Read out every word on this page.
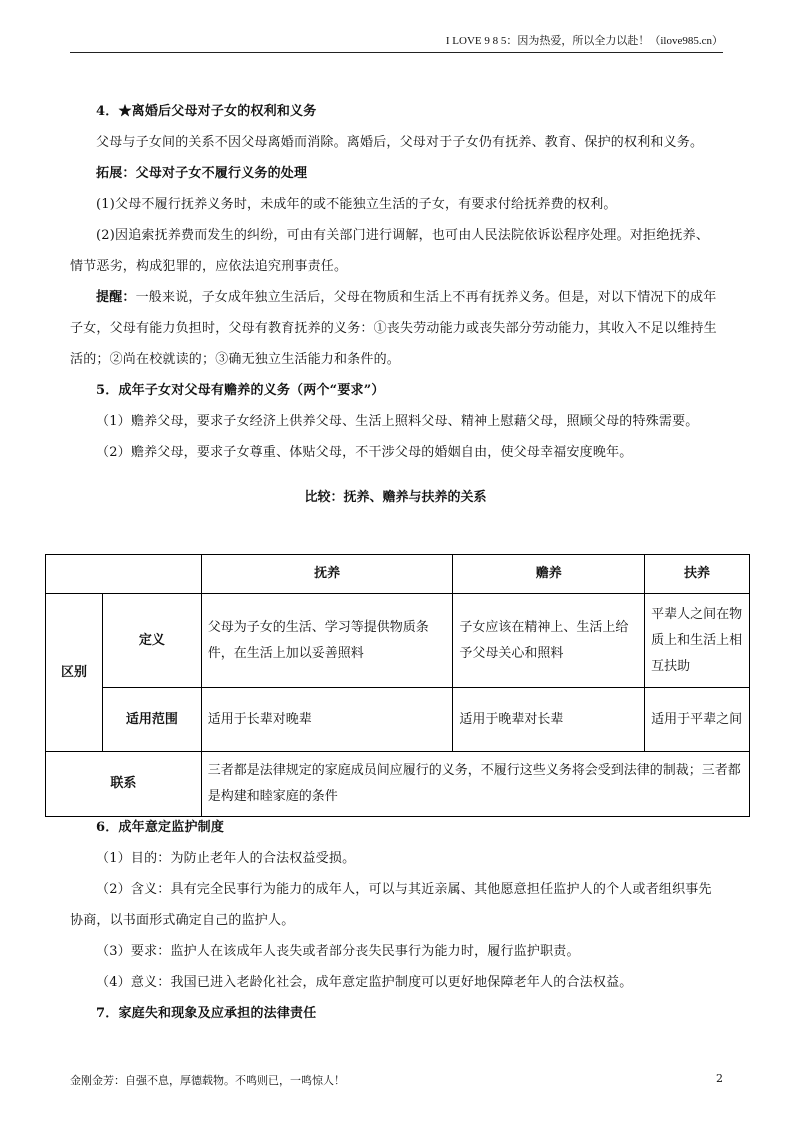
I LOVE 9 8 5：因为热爱，所以全力以赴！（ilove985.cn）

4．★离婚后父母对子女的权利和义务

父母与子女间的关系不因父母离婚而消除。离婚后，父母对于子女仍有抚养、教育、保护的权利和义务。

拓展：父母对子女不履行义务的处理

(1)父母不履行抚养义务时，未成年的或不能独立生活的子女，有要求付给抚养费的权利。

(2)因追索抚养费而发生的纠纷，可由有关部门进行调解，也可由人民法院依诉讼程序处理。对拒绝抚养、情节恶劣，构成犯罪的，应依法追究刑事责任。

提醒：一般来说，子女成年独立生活后，父母在物质和生活上不再有抚养义务。但是，对以下情况下的成年子女，父母有能力负担时，父母有教育抚养的义务：①丧失劳动能力或丧失部分劳动能力，其收入不足以维持生活的；②尚在校就读的；③确无独立生活能力和条件的。

5．成年子女对父母有赡养的义务（两个“要求”）

（1）赡养父母，要求子女经济上供养父母、生活上照料父母、精神上慰藉父母，照顾父母的特殊需要。

（2）赡养父母，要求子女尊重、体贴父母，不干涉父母的婚姻自由，使父母幸福安度晚年。

比较：抚养、赡养与扶养的关系

		抚养	赡养	扶养
区别	定义	父母为子女的生活、学习等提供物质条件，在生活上加以妥善照料	子女应该在精神上、生活上给予父母关心和照料	平辈人之间在物质上和生活上相互扶助
	适用范围	适用于长辈对晚辈	适用于晚辈对长辈	适用于平辈之间
联系		三者都是法律规定的家庭成员间应履行的义务，不履行这些义务将会受到法律的制裁；三者都是构建和睦家庭的条件		

6．成年意定监护制度

（1）目的：为防止老年人的合法权益受损。

（2）含义：具有完全民事行为能力的成年人，可以与其近亲属、其他愿意担任监护人的个人或者组织事先协商，以书面形式确定自己的监护人。

（3）要求：监护人在该成年人丧失或者部分丧失民事行为能力时，履行监护职责。

（4）意义：我国已进入老龄化社会，成年意定监护制度可以更好地保障老年人的合法权益。

7．家庭失和现象及应承担的法律责任

金刚金芳：自强不息，厚德载物。不鸣则已，一鸣惊人！	2
